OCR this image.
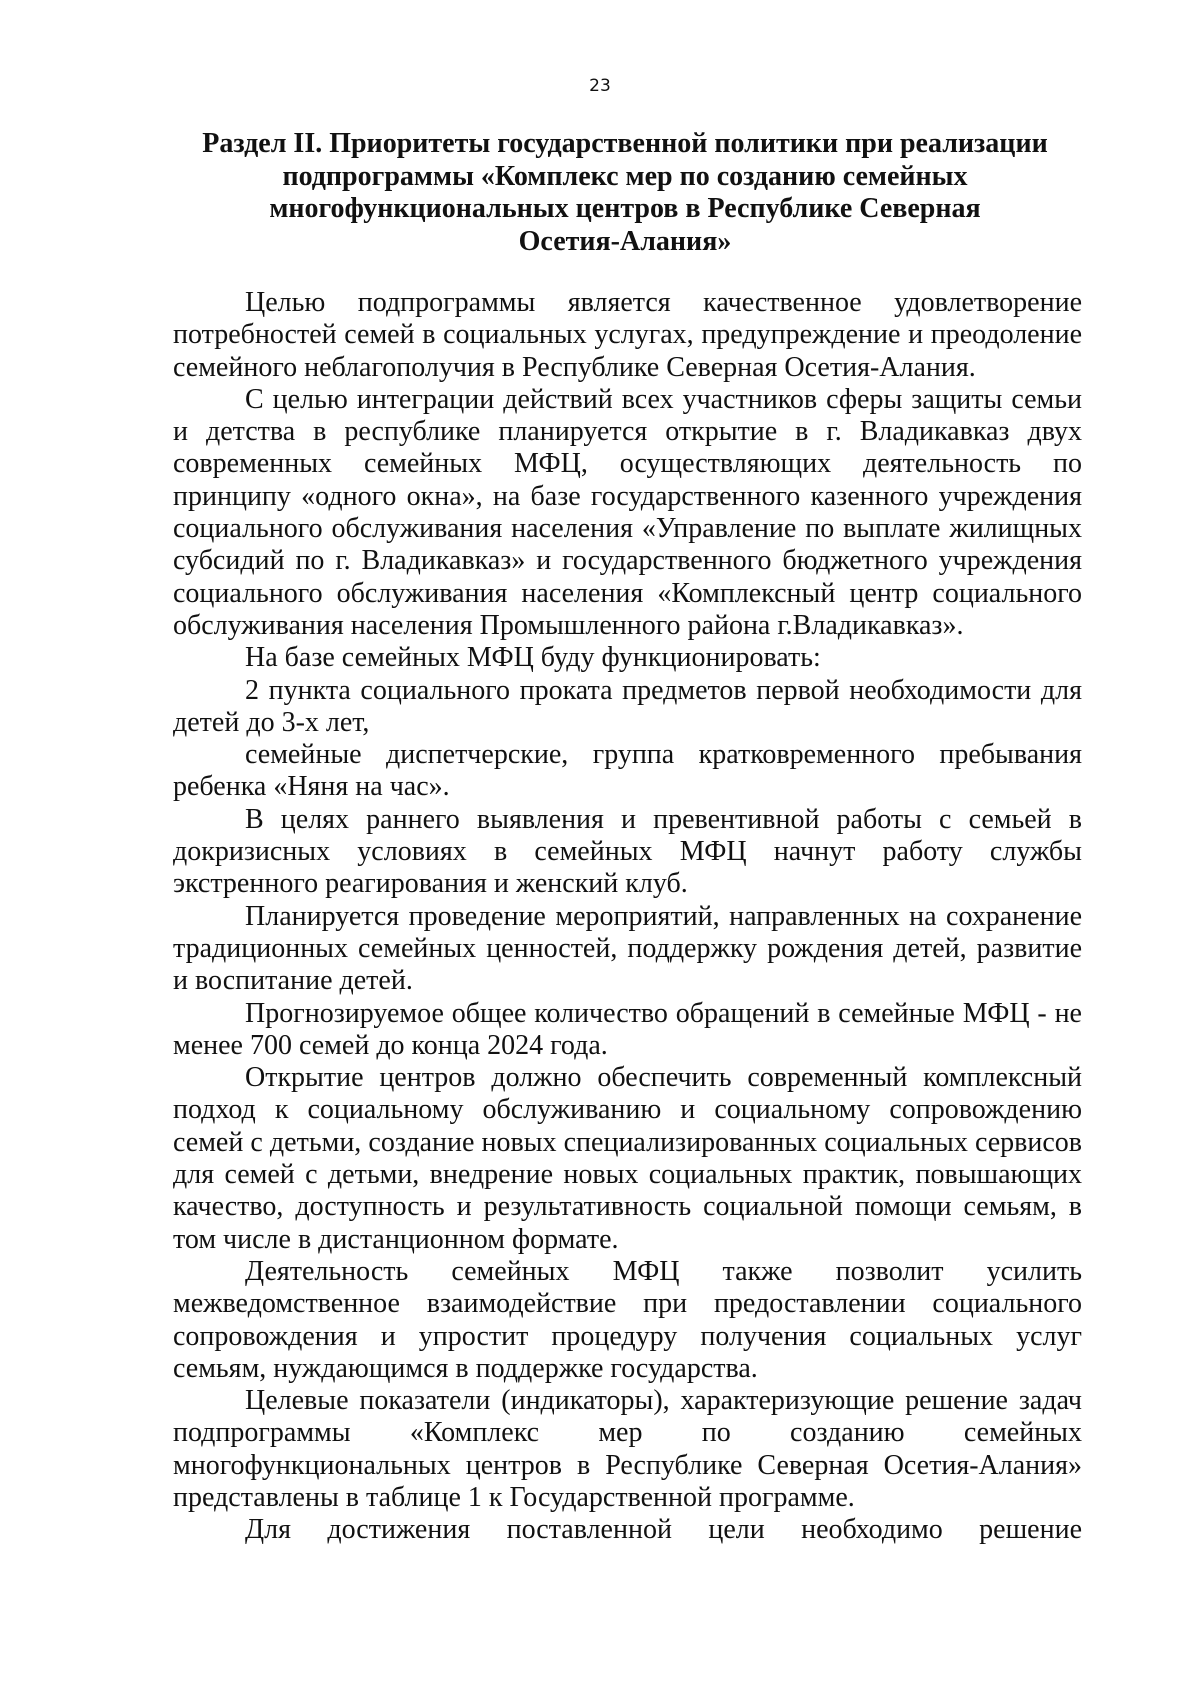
23
Раздел II. Приоритеты государственной политики при реализации
подпрограммы «Комплекс мер по созданию семейных
многофункциональных центров в Республике Северная
Осетия-Алания»

Целью подпрограммы является качественное удовлетворение потребностей семей в социальных услугах, предупреждение и преодоление семейного неблагополучия в Республике Северная Осетия-Алания.

С целью интеграции действий всех участников сферы защиты семьи и детства в республике планируется открытие в г. Владикавказ двух современных семейных МФЦ, осуществляющих деятельность по принципу «одного окна», на базе государственного казенного учреждения социального обслуживания населения «Управление по выплате жилищных субсидий по г. Владикавказ» и государственного бюджетного учреждения социального обслуживания населения «Комплексный центр социального обслуживания населения Промышленного района г.Владикавказ».

На базе семейных МФЦ буду функционировать:

2 пункта социального проката предметов первой необходимости для детей до 3-х лет,

семейные диспетчерские, группа кратковременного пребывания ребенка «Няня на час».

В целях раннего выявления и превентивной работы с семьей в докризисных условиях в семейных МФЦ начнут работу службы экстренного реагирования и женский клуб.

Планируется проведение мероприятий, направленных на сохранение традиционных семейных ценностей, поддержку рождения детей, развитие и воспитание детей.

Прогнозируемое общее количество обращений в семейные МФЦ - не менее 700 семей до конца 2024 года.

Открытие центров должно обеспечить современный комплексный подход к социальному обслуживанию и социальному сопровождению семей с детьми, создание новых специализированных социальных сервисов для семей с детьми, внедрение новых социальных практик, повышающих качество, доступность и результативность социальной помощи семьям, в том числе в дистанционном формате.

Деятельность семейных МФЦ также позволит усилить межведомственное взаимодействие при предоставлении социального сопровождения и упростит процедуру получения социальных услуг семьям, нуждающимся в поддержке государства.

Целевые показатели (индикаторы), характеризующие решение задач подпрограммы «Комплекс мер по созданию семейных многофункциональных центров в Республике Северная Осетия-Алания» представлены в таблице 1 к Государственной программе.

Для достижения поставленной цели необходимо решение
